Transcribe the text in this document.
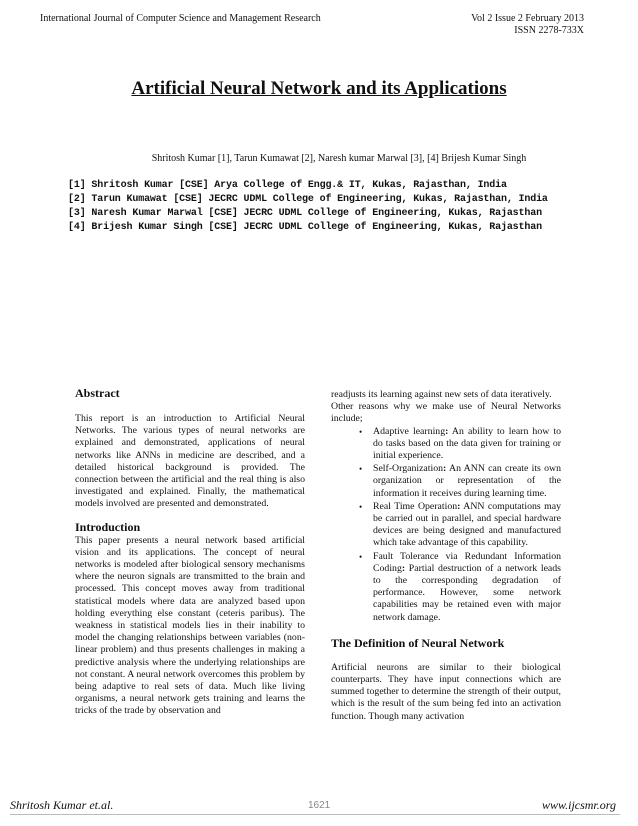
International Journal of Computer Science and Management Research	Vol 2 Issue 2 February 2013
ISSN 2278-733X
Artificial Neural Network and its Applications
Shritosh Kumar [1], Tarun Kumawat [2], Naresh kumar Marwal [3], [4] Brijesh Kumar Singh
[1] Shritosh Kumar [CSE] Arya College of Engg.& IT, Kukas, Rajasthan, India
[2] Tarun Kumawat [CSE] JECRC UDML College of Engineering, Kukas, Rajasthan, India
[3] Naresh Kumar Marwal [CSE] JECRC UDML College of Engineering, Kukas, Rajasthan
[4] Brijesh Kumar Singh [CSE] JECRC UDML College of Engineering, Kukas, Rajasthan
Abstract

This report is an introduction to Artificial Neural Networks. The various types of neural networks are explained and demonstrated, applications of neural networks like ANNs in medicine are described, and a detailed historical background is provided. The connection between the artificial and the real thing is also investigated and explained. Finally, the mathematical models involved are presented and demonstrated.

Introduction

This paper presents a neural network based artificial vision and its applications. The concept of neural networks is modeled after biological sensory mechanisms where the neuron signals are transmitted to the brain and processed. This concept moves away from traditional statistical models where data are analyzed based upon holding everything else constant (ceteris paribus). The weakness in statistical models lies in their inability to model the changing relationships between variables (non-linear problem) and thus presents challenges in making a predictive analysis where the underlying relationships are not constant. A neural network overcomes this problem by being adaptive to real sets of data. Much like living organisms, a neural network gets training and learns the tricks of the trade by observation and

readjusts its learning against new sets of data iteratively.

Other reasons why we make use of Neural Networks include;

• Adaptive learning: An ability to learn how to do tasks based on the data given for training or initial experience.
• Self-Organization: An ANN can create its own organization or representation of the information it receives during learning time.
• Real Time Operation: ANN computations may be carried out in parallel, and special hardware devices are being designed and manufactured which take advantage of this capability.
• Fault Tolerance via Redundant Information Coding: Partial destruction of a network leads to the corresponding degradation of performance. However, some network capabilities may be retained even with major network damage.
The Definition of Neural Network

Artificial neurons are similar to their biological counterparts. They have input connections which are summed together to determine the strength of their output, which is the result of the sum being fed into an activation function. Though many activation

Shritosh Kumar et.al.	1621	www.ijcsmr.org
